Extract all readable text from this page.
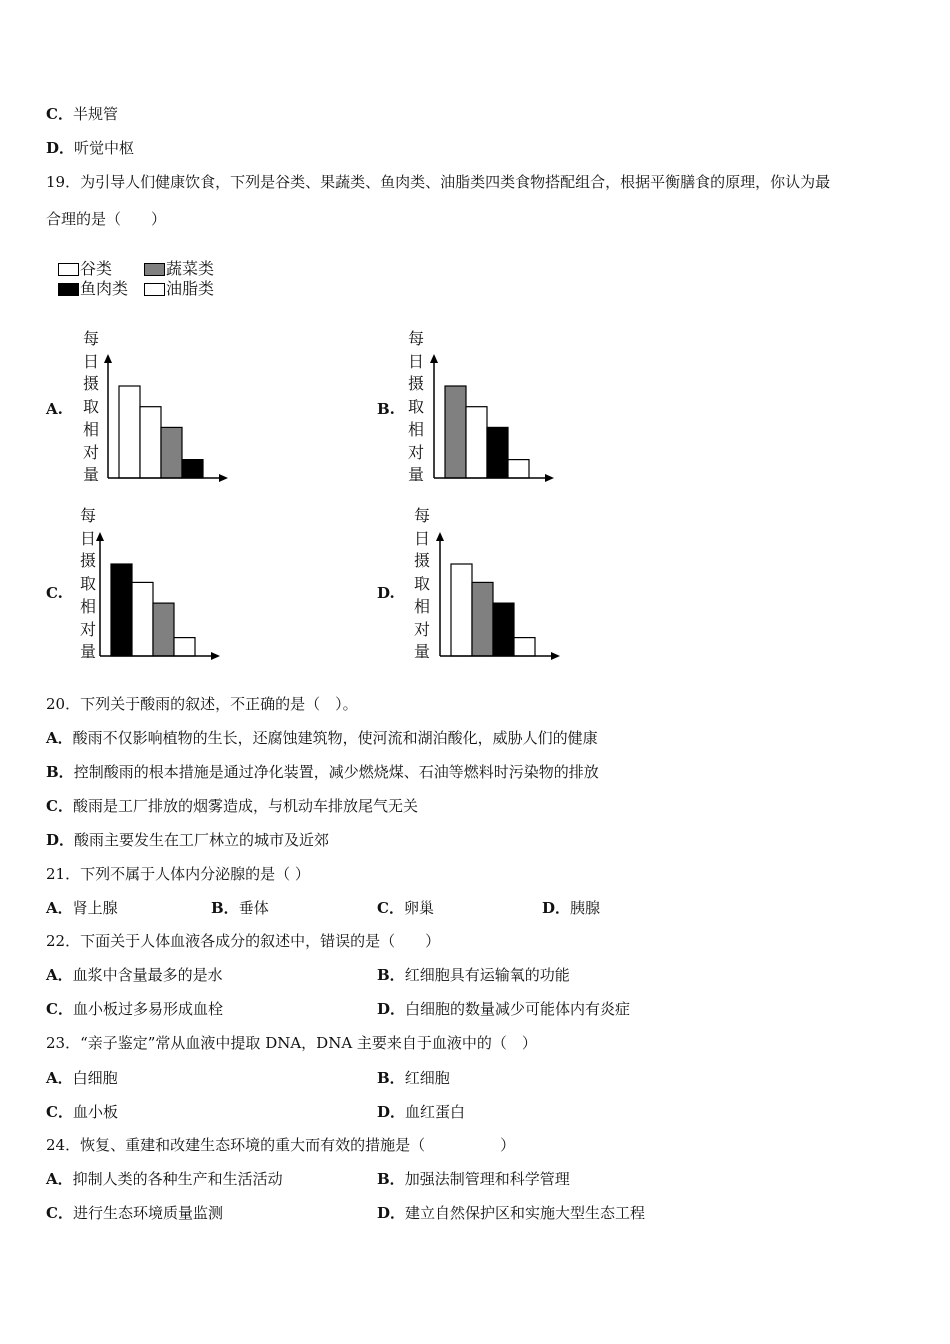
C．半规管
D．听觉中枢
19．为引导人们健康饮食，下列是谷类、果蔬类、鱼肉类、油脂类四类食物搭配组合，根据平衡膳食的原理，你认为最
合理的是（　　）
谷类	蔬菜类
鱼肉类	油脂类
A.
每
日
摄
取
相
对
量
B.
每
日
摄
取
相
对
量
C.
每
日
摄
取
相
对
量
D.
每
日
摄
取
相
对
量
20．下列关于酸雨的叙述，不正确的是（　）。
A．酸雨不仅影响植物的生长，还腐蚀建筑物，使河流和湖泊酸化，威胁人们的健康
B．控制酸雨的根本措施是通过净化装置，减少燃烧煤、石油等燃料时污染物的排放
C．酸雨是工厂排放的烟雾造成，与机动车排放尾气无关
D．酸雨主要发生在工厂林立的城市及近郊
21．下列不属于人体内分泌腺的是（ ）
A．肾上腺	B．垂体	C．卵巢	D．胰腺
22．下面关于人体血液各成分的叙述中，错误的是（　　）
A．血浆中含量最多的是水	B．红细胞具有运输氧的功能
C．血小板过多易形成血栓	D．白细胞的数量减少可能体内有炎症
23．“亲子鉴定”常从血液中提取 DNA，DNA 主要来自于血液中的（　）
A．白细胞	B．红细胞
C．血小板	D．血红蛋白
24．恢复、重建和改建生态环境的重大而有效的措施是（　　　　　）
A．抑制人类的各种生产和生活活动	B．加强法制管理和科学管理
C．进行生态环境质量监测	D．建立自然保护区和实施大型生态工程
